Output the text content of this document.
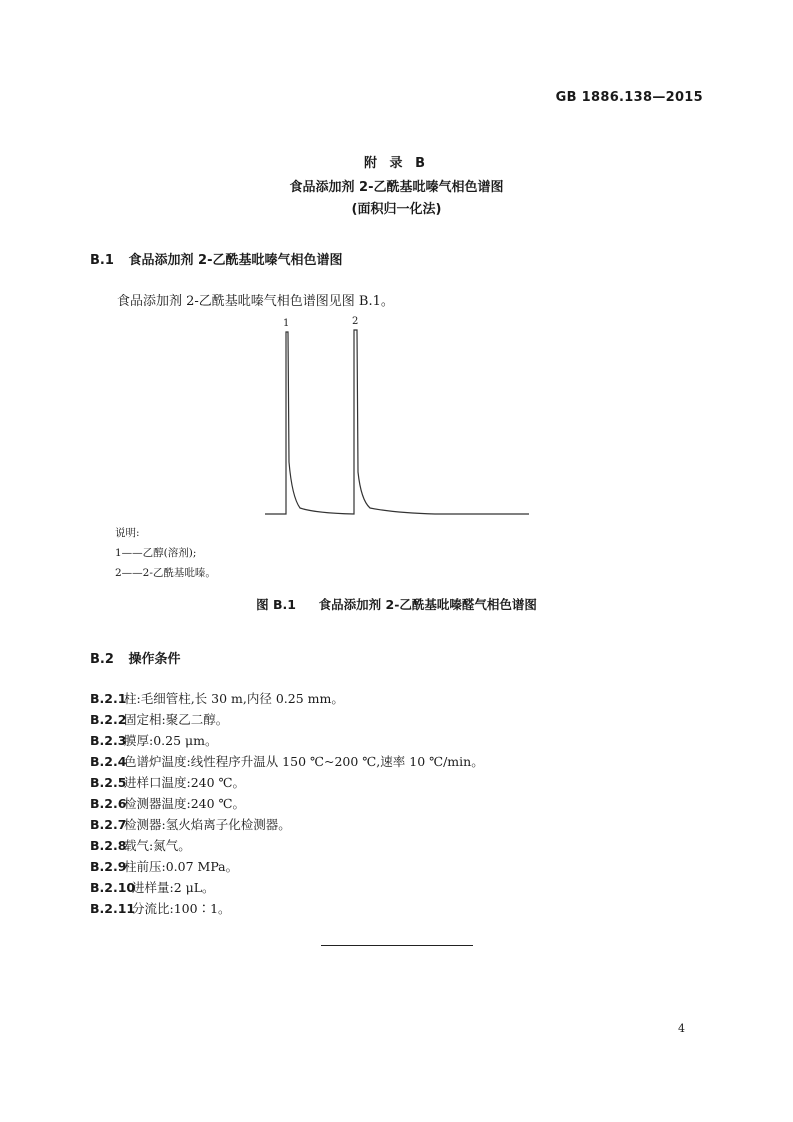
GB 1886.138—2015
附 录 B
食品添加剂 2-乙酰基吡嗪气相色谱图
(面积归一化法)
B.1 食品添加剂 2-乙酰基吡嗪气相色谱图
食品添加剂 2-乙酰基吡嗪气相色谱图见图 B.1。
1	2
说明:
1——乙醇(溶剂);
2——2-乙酰基吡嗪。
图 B.1 食品添加剂 2-乙酰基吡嗪醛气相色谱图
B.2 操作条件
B.2.1柱:毛细管柱,长 30 m,内径 0.25 mm。
B.2.2固定相:聚乙二醇。
B.2.3膜厚:0.25 μm。
B.2.4色谱炉温度:线性程序升温从 150 ℃~200 ℃,速率 10 ℃/min。
B.2.5进样口温度:240 ℃。
B.2.6检测器温度:240 ℃。
B.2.7检测器:氢火焰离子化检测器。
B.2.8载气:氮气。
B.2.9柱前压:0.07 MPa。
B.2.10进样量:2 μL。
B.2.11分流比:100∶1。
4
